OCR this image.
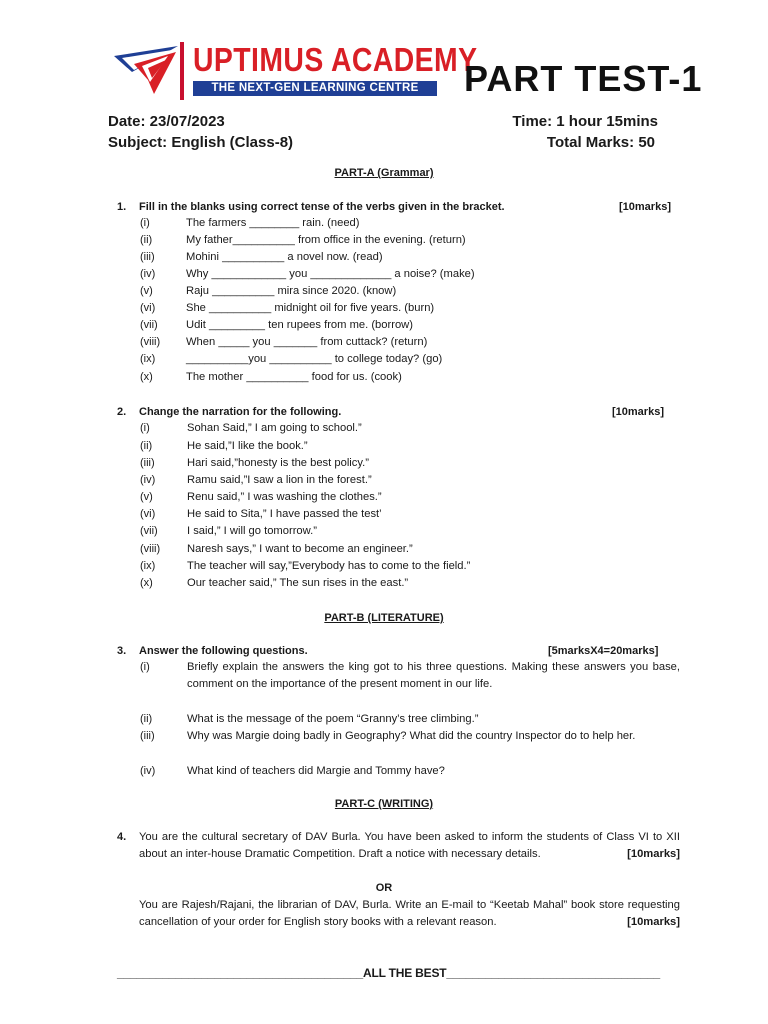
UPTIMUS ACADEMY
THE NEXT-GEN LEARNING CENTRE	PART TEST-1
Date: 23/07/2023
Subject: English (Class-8)
Time: 1 hour 15mins
Total Marks: 50
PART-A (Grammar)
1. Fill in the blanks using correct tense of the verbs given in the bracket.	[10marks]
(i)	The farmers ________ rain. (need)
(ii)	My father__________ from office in the evening. (return)
(iii)	Mohini __________ a novel now. (read)
(iv)	Why ____________ you _____________ a noise? (make)
(v)	Raju __________ mira since 2020. (know)
(vi)	She __________ midnight oil for five years. (burn)
(vii)	Udit _________ ten rupees from me. (borrow)
(viii) When _____ you _______ from cuttack? (return)
(ix)	__________you __________ to college today? (go)
(x)	The mother __________ food for us. (cook)
2. Change the narration for the following.	[10marks]
(i)	Sohan Said,” I am going to school.”
(ii)	He said,”I like the book.”
(iii)	Hari said,”honesty is the best policy.”
(iv)	Ramu said,”I saw a lion in the forest.”
(v)	Renu said,” I was washing the clothes.”
(vi)	He said to Sita,” I have passed the test’
(vii)	I said,” I will go tomorrow.”
(viii) Naresh says,” I want to become an engineer.”
(ix)	The teacher will say,”Everybody has to come to the field.”
(x)	Our teacher said,” The sun rises in the east.”
PART-B (LITERATURE)
3. Answer the following questions.	[5marksX4=20marks]
(i)	Briefly explain the answers the king got to his three questions. Making these answers you base, comment on the importance of the present moment in our life.
(ii)	What is the message of the poem “Granny’s tree climbing.”
(iii)	Why was Margie doing badly in Geography? What did the country Inspector do to help her.
(iv)	What kind of teachers did Margie and Tommy have?
PART-C (WRITING)
4. You are the cultural secretary of DAV Burla. You have been asked to inform the students of Class VI to XII about an inter-house Dramatic Competition. Draft a notice with necessary details.	[10marks]
OR
You are Rajesh/Rajani, the librarian of DAV, Burla. Write an E-mail to “Keetab Mahal” book store requesting cancellation of your order for English story books with a relevant reason.	[10marks]
______________________________________ALL THE BEST_________________________________
